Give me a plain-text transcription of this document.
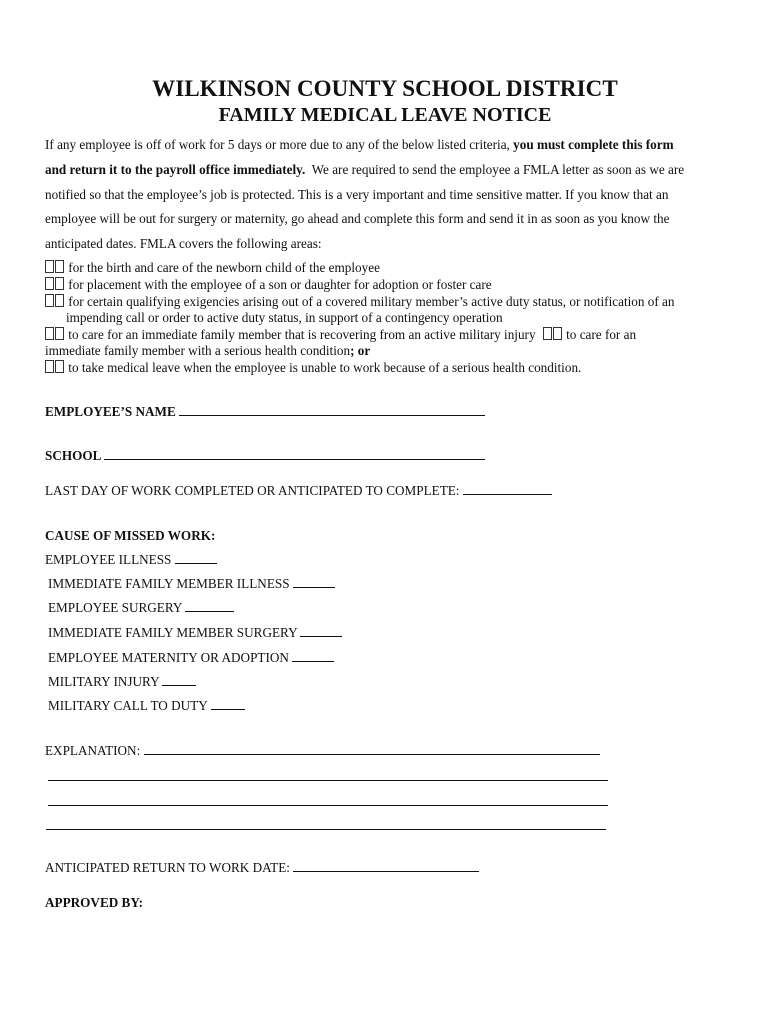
WILKINSON COUNTY SCHOOL DISTRICT
FAMILY MEDICAL LEAVE NOTICE
If any employee is off of work for 5 days or more due to any of the below listed criteria, you must complete this form
and return it to the payroll office immediately.  We are required to send the employee a FMLA letter as soon as we are
notified so that the employee’s job is protected. This is a very important and time sensitive matter. If you know that an
employee will be out for surgery or maternity, go ahead and complete this form and send it in as soon as you know the
anticipated dates. FMLA covers the following areas:
for the birth and care of the newborn child of the employee
for placement with the employee of a son or daughter for adoption or foster care
for certain qualifying exigencies arising out of a covered military member’s active duty status, or notification of an
impending call or order to active duty status, in support of a contingency operation
to care for an immediate family member that is recovering from an active military injury to care for an
immediate family member with a serious health condition; or
to take medical leave when the employee is unable to work because of a serious health condition.
EMPLOYEE’S NAME
SCHOOL
LAST DAY OF WORK COMPLETED OR ANTICIPATED TO COMPLETE:
CAUSE OF MISSED WORK:
EMPLOYEE ILLNESS
IMMEDIATE FAMILY MEMBER ILLNESS
EMPLOYEE SURGERY
IMMEDIATE FAMILY MEMBER SURGERY
EMPLOYEE MATERNITY OR ADOPTION
MILITARY INJURY
MILITARY CALL TO DUTY
EXPLANATION:
ANTICIPATED RETURN TO WORK DATE:
APPROVED BY:
